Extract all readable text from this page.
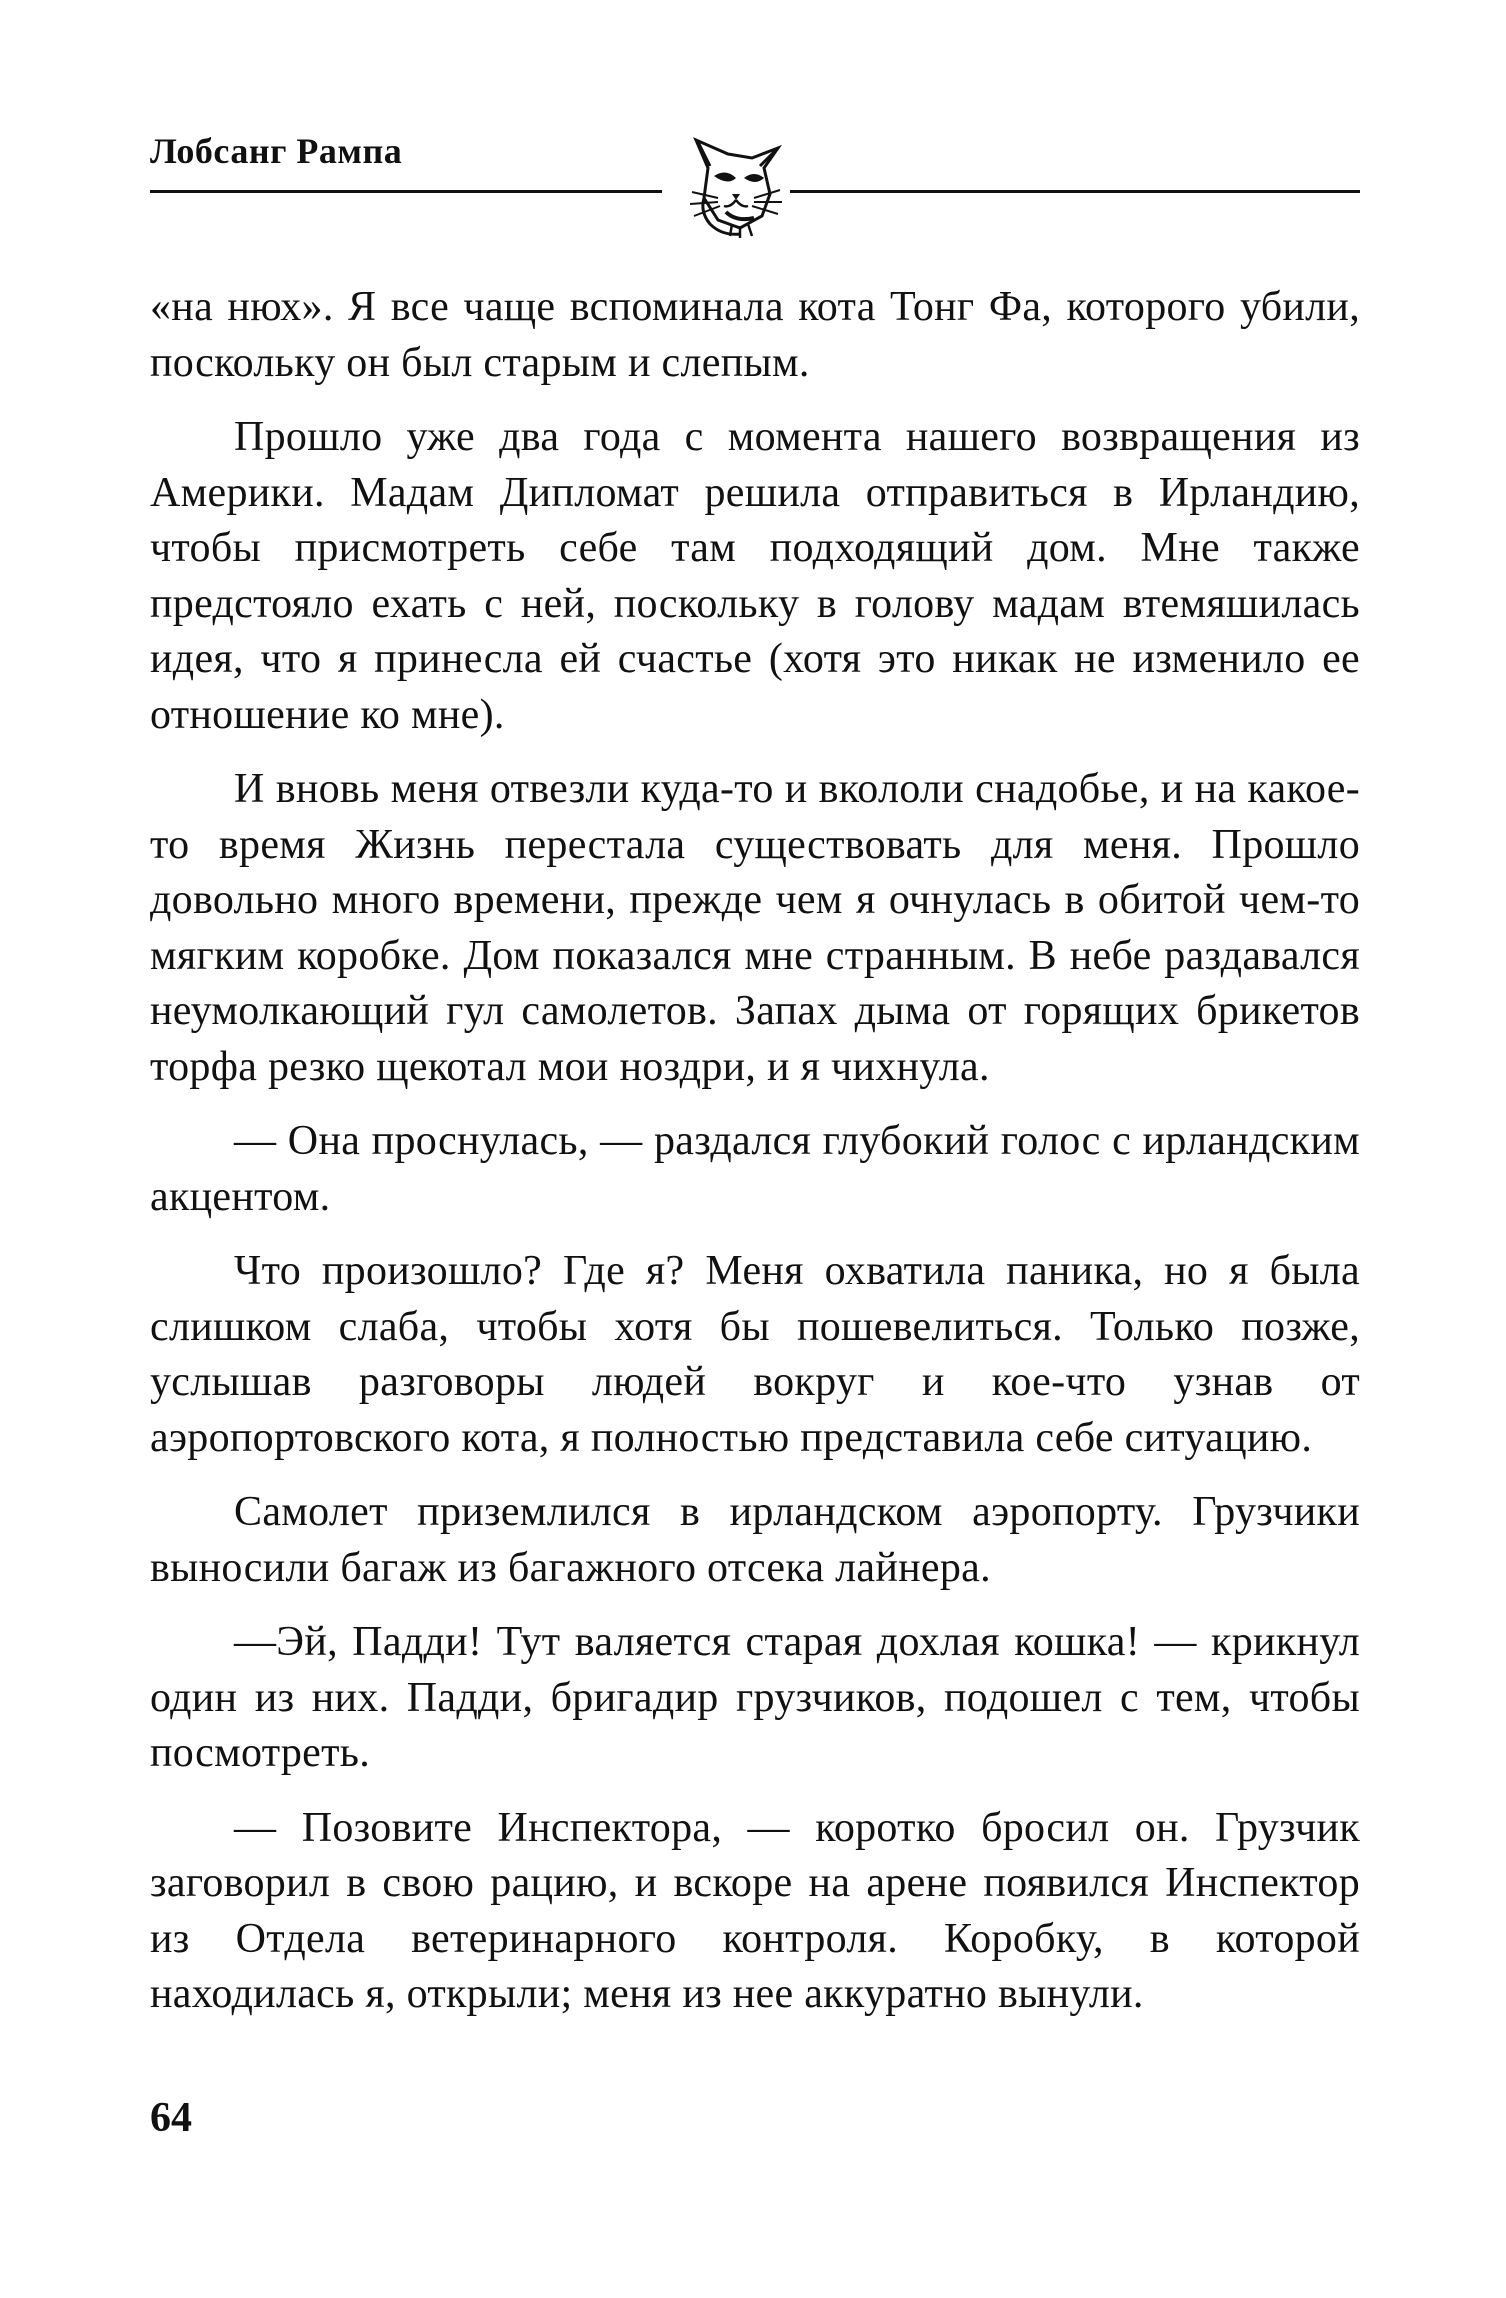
Лобсанг Рампа

«на нюх». Я все чаще вспоминала кота Тонг Фа, которого убили, поскольку он был старым и слепым.

Прошло уже два года с момента нашего возвращения из Америки. Мадам Дипломат решила отправиться в Ирландию, чтобы присмотреть себе там подходящий дом. Мне также предстояло ехать с ней, поскольку в голову мадам втемяшилась идея, что я принесла ей счастье (хотя это никак не изменило ее отношение ко мне).

И вновь меня отвезли куда-то и вкололи снадобье, и на какое-то время Жизнь перестала существовать для меня. Прошло довольно много времени, прежде чем я очнулась в обитой чем-то мягким коробке. Дом показался мне странным. В небе раздавался неумолкающий гул самолетов. Запах дыма от горящих брикетов торфа резко щекотал мои ноздри, и я чихнула.

— Она проснулась, — раздался глубокий голос с ирландским акцентом.

Что произошло? Где я? Меня охватила паника, но я была слишком слаба, чтобы хотя бы пошевелиться. Только позже, услышав разговоры людей вокруг и кое-что узнав от аэропортовского кота, я полностью представила себе ситуацию.

Самолет приземлился в ирландском аэропорту. Грузчики выносили багаж из багажного отсека лайнера.

—Эй, Падди! Тут валяется старая дохлая кошка! — крикнул один из них. Падди, бригадир грузчиков, подошел с тем, чтобы посмотреть.

— Позовите Инспектора, — коротко бросил он. Грузчик заговорил в свою рацию, и вскоре на арене появился Инспектор из Отдела ветеринарного контроля. Коробку, в которой находилась я, открыли; меня из нее аккуратно вынули.

64
